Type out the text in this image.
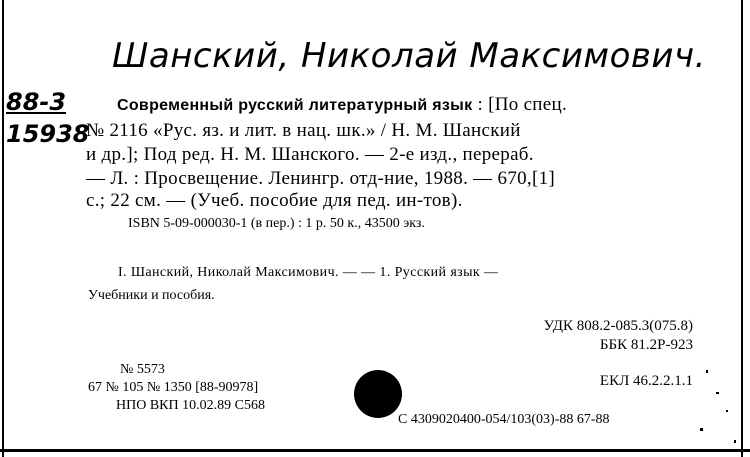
Шанский, Николай Максимович.
88-3
15938
Современный русский литературный язык : [По спец.
№ 2116 «Рус. яз. и лит. в нац. шк.» / Н. М. Шанский
и др.]; Под ред. Н. М. Шанского. — 2-е изд., перераб.
— Л. : Просвещение. Ленингр. отд-ние, 1988. — 670,[1]
с.; 22 см. — (Учеб. пособие для пед. ин-тов).
ISBN 5-09-000030-1 (в пер.) : 1 р. 50 к., 43500 экз.
I. Шанский, Николай Максимович. — — 1. Русский язык —
Учебники и пособия.
УДК 808.2-085.3(075.8)
ББК 81.2Р-923
ЕКЛ 46.2.2.1.1
№ 5573
67 № 105 № 1350 [88-90978]
НПО ВКП 10.02.89 С568
С 4309020400-054/103(03)-88 67-88
